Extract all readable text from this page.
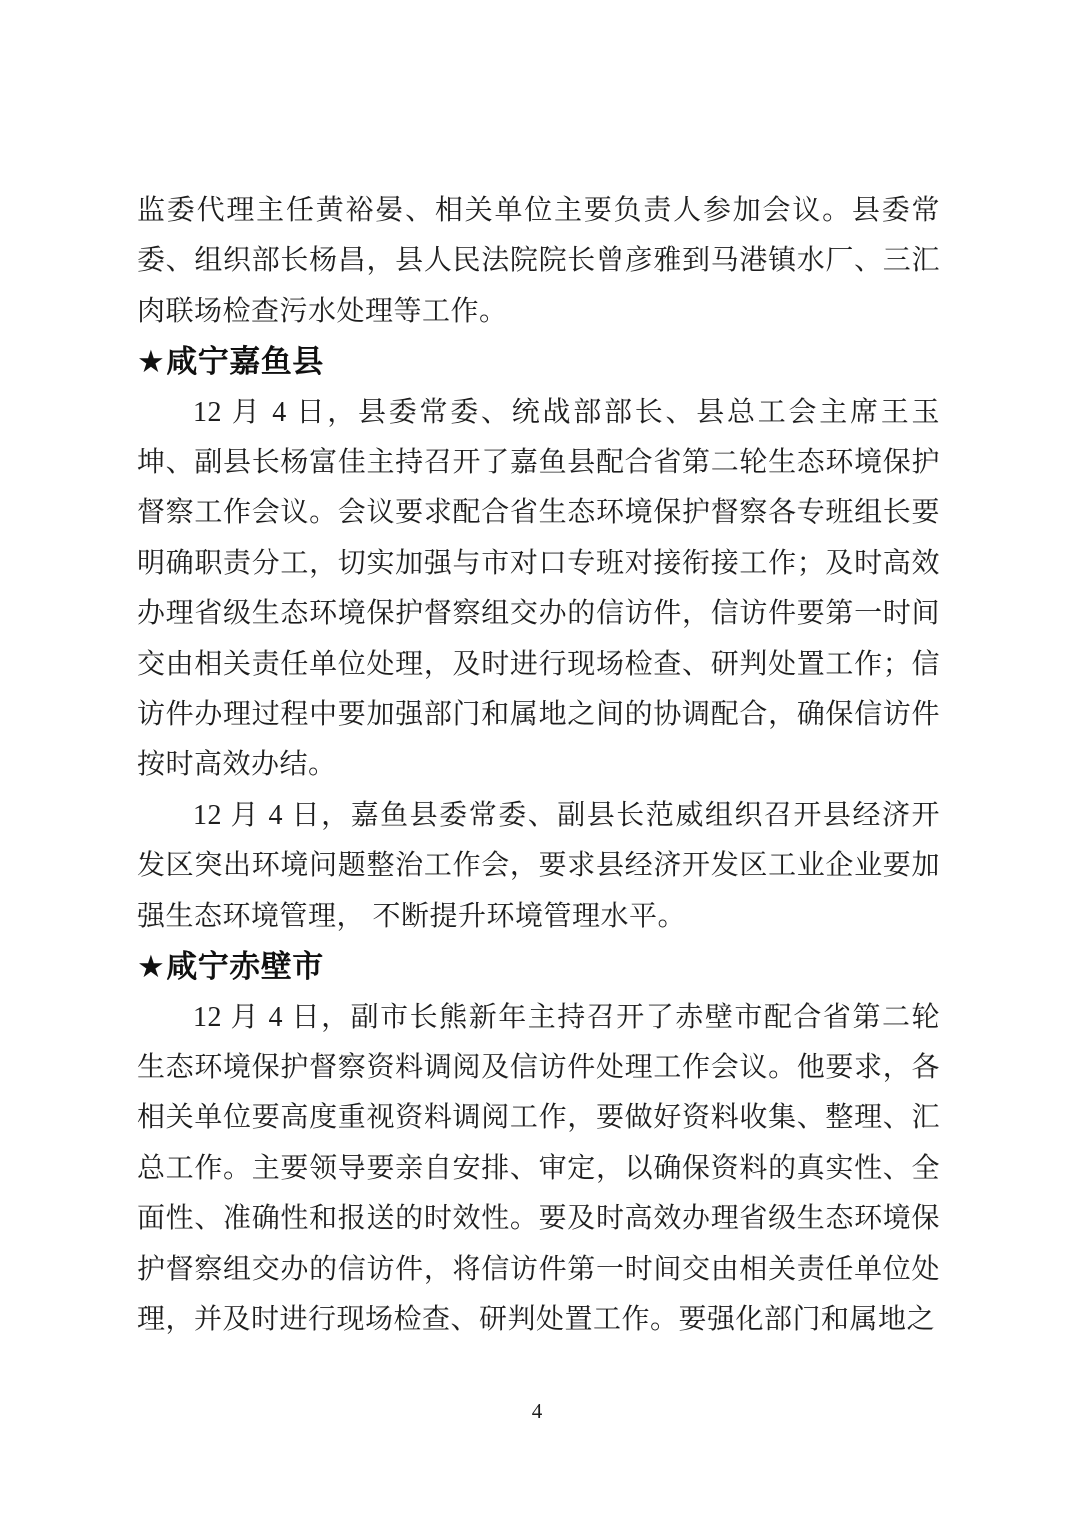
监委代理主任黄裕晏、相关单位主要负责人参加会议。县委常委、组织部长杨昌，县人民法院院长曾彦雅到马港镇水厂、三汇肉联场检查污水处理等工作。

★咸宁嘉鱼县

12 月 4 日，县委常委、统战部部长、县总工会主席王玉坤、副县长杨富佳主持召开了嘉鱼县配合省第二轮生态环境保护督察工作会议。会议要求配合省生态环境保护督察各专班组长要明确职责分工，切实加强与市对口专班对接衔接工作；及时高效办理省级生态环境保护督察组交办的信访件，信访件要第一时间交由相关责任单位处理，及时进行现场检查、研判处置工作；信访件办理过程中要加强部门和属地之间的协调配合，确保信访件按时高效办结。

12 月 4 日，嘉鱼县委常委、副县长范威组织召开县经济开发区突出环境问题整治工作会，要求县经济开发区工业企业要加强生态环境管理， 不断提升环境管理水平。

★咸宁赤壁市

12 月 4 日，副市长熊新年主持召开了赤壁市配合省第二轮生态环境保护督察资料调阅及信访件处理工作会议。他要求，各相关单位要高度重视资料调阅工作，要做好资料收集、整理、汇总工作。主要领导要亲自安排、审定，以确保资料的真实性、全面性、准确性和报送的时效性。要及时高效办理省级生态环境保护督察组交办的信访件，将信访件第一时间交由相关责任单位处理，并及时进行现场检查、研判处置工作。要强化部门和属地之

4
